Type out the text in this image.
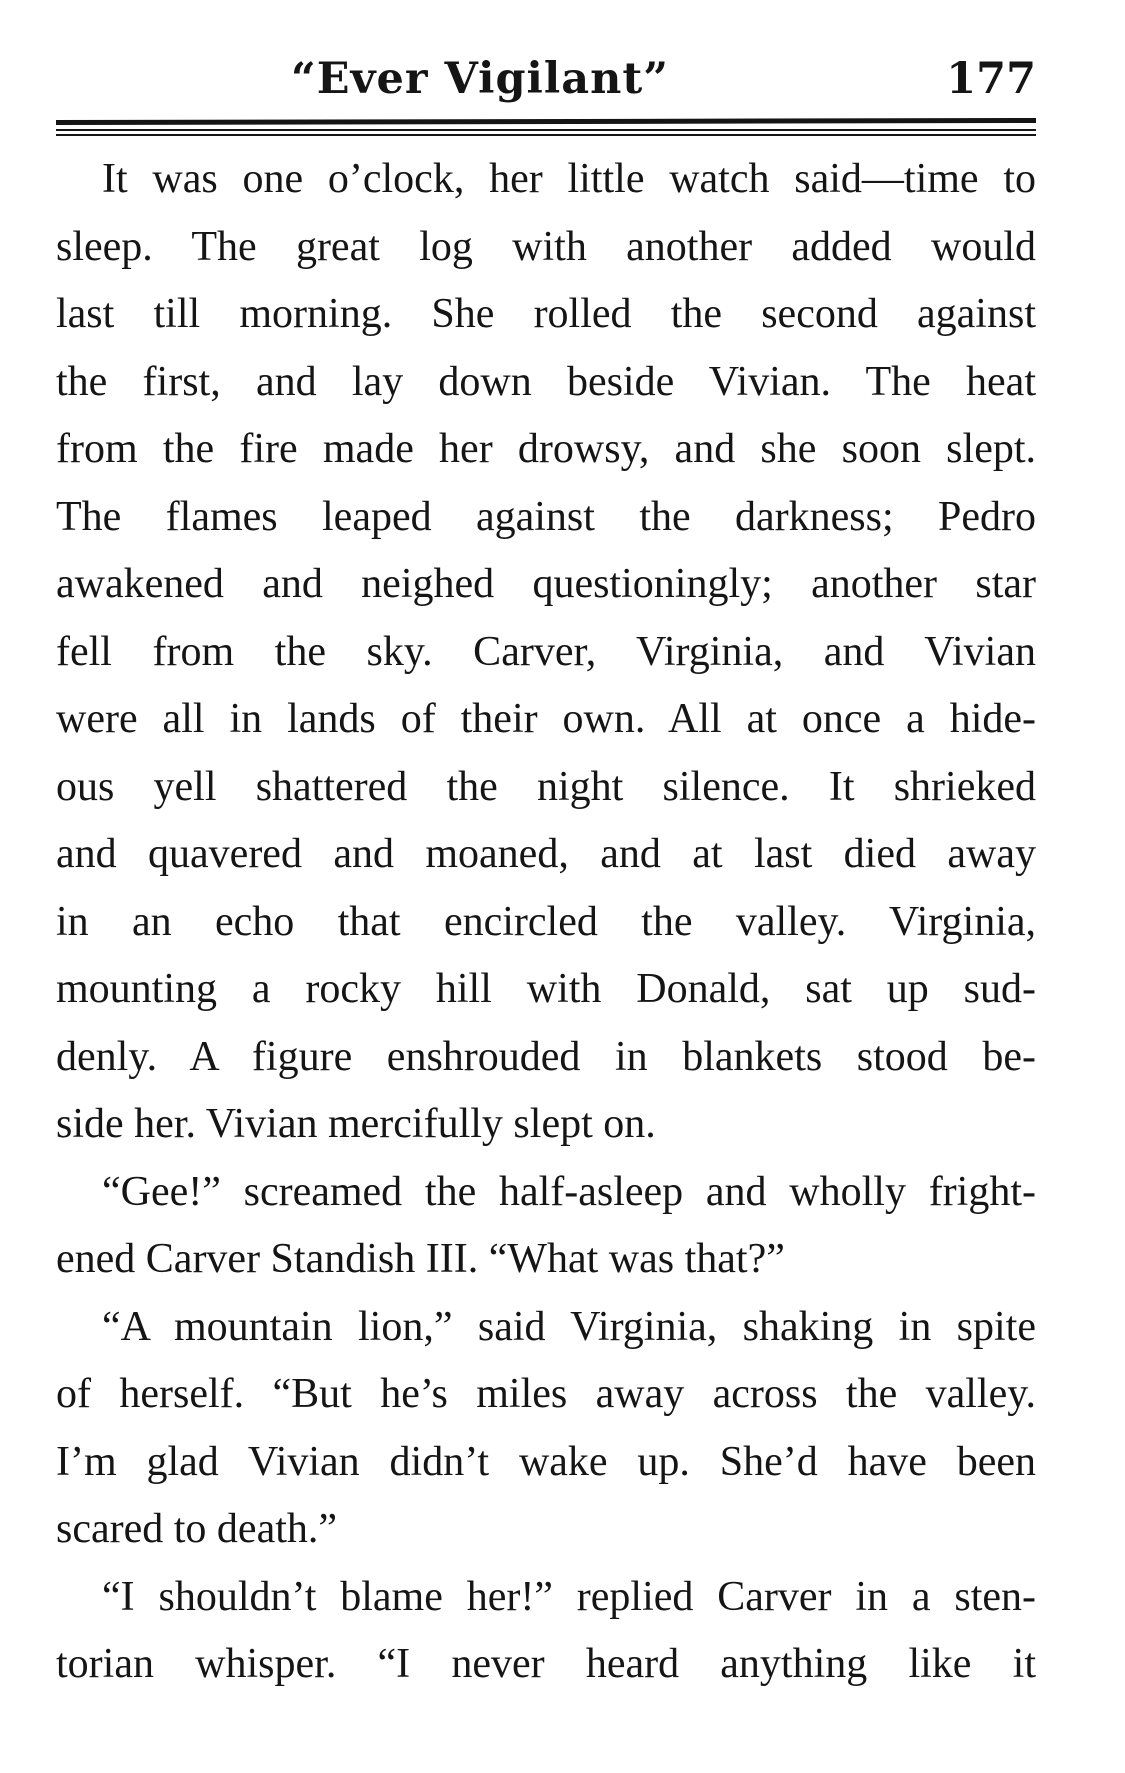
“Ever Vigilant”	177
It was one o’clock, her little watch said—time to
sleep. The great log with another added would
last till morning. She rolled the second against
the first, and lay down beside Vivian. The heat
from the fire made her drowsy, and she soon slept.
The flames leaped against the darkness; Pedro
awakened and neighed questioningly; another star
fell from the sky. Carver, Virginia, and Vivian
were all in lands of their own. All at once a hide-
ous yell shattered the night silence. It shrieked
and quavered and moaned, and at last died away
in an echo that encircled the valley. Virginia,
mounting a rocky hill with Donald, sat up sud-
denly. A figure enshrouded in blankets stood be-
side her. Vivian mercifully slept on.
“Gee!” screamed the half-asleep and wholly fright-
ened Carver Standish III. “What was that?”
“A mountain lion,” said Virginia, shaking in spite
of herself. “But he’s miles away across the valley.
I’m glad Vivian didn’t wake up. She’d have been
scared to death.”
“I shouldn’t blame her!” replied Carver in a sten-
torian whisper. “I never heard anything like it
